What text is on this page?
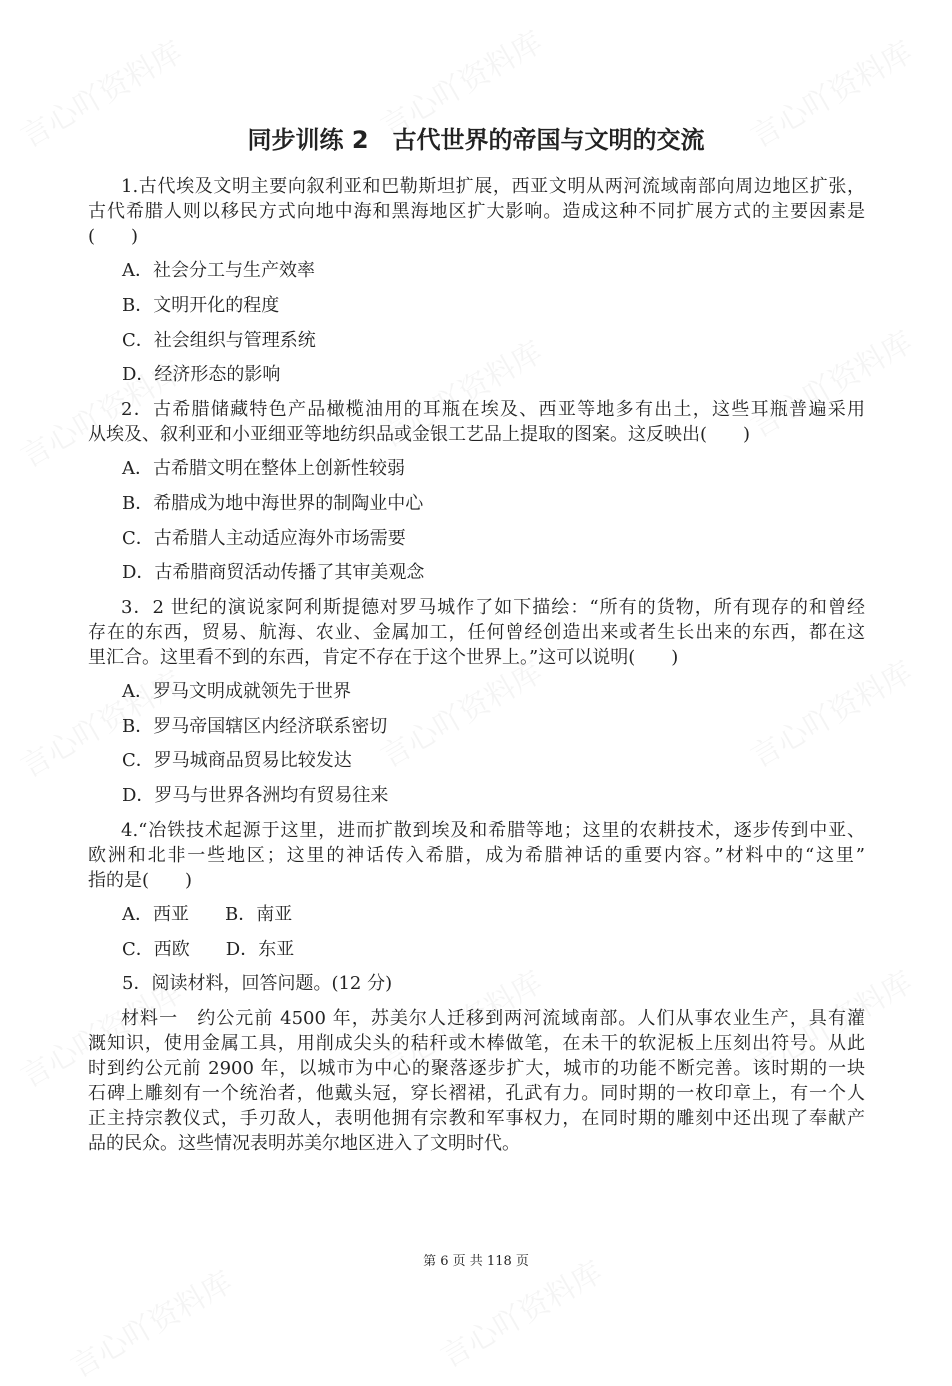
同步训练 2　古代世界的帝国与文明的交流
1.古代埃及文明主要向叙利亚和巴勒斯坦扩展，西亚文明从两河流域南部向周边地区扩张，
古代希腊人则以移民方式向地中海和黑海地区扩大影响。造成这种不同扩展方式的主要因素是
(　　)
A．社会分工与生产效率
B．文明开化的程度
C．社会组织与管理系统
D．经济形态的影响
2．古希腊储藏特色产品橄榄油用的耳瓶在埃及、西亚等地多有出土，这些耳瓶普遍采用
从埃及、叙利亚和小亚细亚等地纺织品或金银工艺品上提取的图案。这反映出(　　)
A．古希腊文明在整体上创新性较弱
B．希腊成为地中海世界的制陶业中心
C．古希腊人主动适应海外市场需要
D．古希腊商贸活动传播了其审美观念
3．2 世纪的演说家阿利斯提德对罗马城作了如下描绘：“所有的货物，所有现存的和曾经
存在的东西，贸易、航海、农业、金属加工，任何曾经创造出来或者生长出来的东西，都在这
里汇合。这里看不到的东西，肯定不存在于这个世界上。”这可以说明(　　)
A．罗马文明成就领先于世界
B．罗马帝国辖区内经济联系密切
C．罗马城商品贸易比较发达
D．罗马与世界各洲均有贸易往来
4.“冶铁技术起源于这里，进而扩散到埃及和希腊等地；这里的农耕技术，逐步传到中亚、
欧洲和北非一些地区；这里的神话传入希腊，成为希腊神话的重要内容。”材料中的“这里”
指的是(　　)
A．西亚　　B．南亚
C．西欧　　D．东亚
5．阅读材料，回答问题。(12 分)
材料一　约公元前 4500 年，苏美尔人迁移到两河流域南部。人们从事农业生产，具有灌
溉知识，使用金属工具，用削成尖头的秸秆或木棒做笔，在未干的软泥板上压刻出符号。从此
时到约公元前 2900 年，以城市为中心的聚落逐步扩大，城市的功能不断完善。该时期的一块
石碑上雕刻有一个统治者，他戴头冠，穿长褶裙，孔武有力。同时期的一枚印章上，有一个人
正主持宗教仪式，手刃敌人，表明他拥有宗教和军事权力，在同时期的雕刻中还出现了奉献产
品的民众。这些情况表明苏美尔地区进入了文明时代。
第 6 页 共 118 页
